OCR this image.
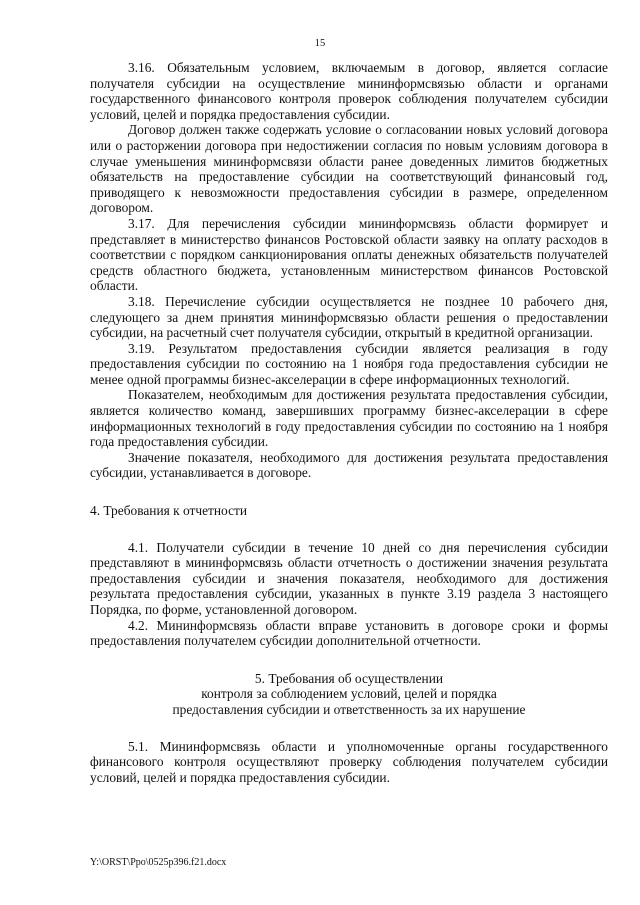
15

3.16. Обязательным условием, включаемым в договор, является согласие получателя субсидии на осуществление мининформсвязью области и органами государственного финансового контроля проверок соблюдения получателем субсидии условий, целей и порядка предоставления субсидии.

Договор должен также содержать условие о согласовании новых условий договора или о расторжении договора при недостижении согласия по новым условиям договора в случае уменьшения мининформсвязи области ранее доведенных лимитов бюджетных обязательств на предоставление субсидии на соответствующий финансовый год, приводящего к невозможности предоставления субсидии в размере, определенном договором.

3.17. Для перечисления субсидии мининформсвязь области формирует и представляет в министерство финансов Ростовской области заявку на оплату расходов в соответствии с порядком санкционирования оплаты денежных обязательств получателей средств областного бюджета, установленным министерством финансов Ростовской области.

3.18. Перечисление субсидии осуществляется не позднее 10 рабочего дня, следующего за днем принятия мининформсвязью области решения о предоставлении субсидии, на расчетный счет получателя субсидии, открытый в кредитной организации.

3.19. Результатом предоставления субсидии является реализация в году предоставления субсидии по состоянию на 1 ноября года предоставления субсидии не менее одной программы бизнес-акселерации в сфере информационных технологий.

Показателем, необходимым для достижения результата предоставления субсидии, является количество команд, завершивших программу бизнес-акселерации в сфере информационных технологий в году предоставления субсидии по состоянию на 1 ноября года предоставления субсидии.

Значение показателя, необходимого для достижения результата предоставления субсидии, устанавливается в договоре.

4. Требования к отчетности

4.1. Получатели субсидии в течение 10 дней со дня перечисления субсидии представляют в мининформсвязь области отчетность о достижении значения результата предоставления субсидии и значения показателя, необходимого для достижения результата предоставления субсидии, указанных в пункте 3.19 раздела 3 настоящего Порядка, по форме, установленной договором.

4.2. Мининформсвязь области вправе установить в договоре сроки и формы предоставления получателем субсидии дополнительной отчетности.

5. Требования об осуществлении
контроля за соблюдением условий, целей и порядка
предоставления субсидии и ответственность за их нарушение

5.1. Мининформсвязь области и уполномоченные органы государственного финансового контроля осуществляют проверку соблюдения получателем субсидии условий, целей и порядка предоставления субсидии.

Y:\ORST\Ppo\0525p396.f21.docx
